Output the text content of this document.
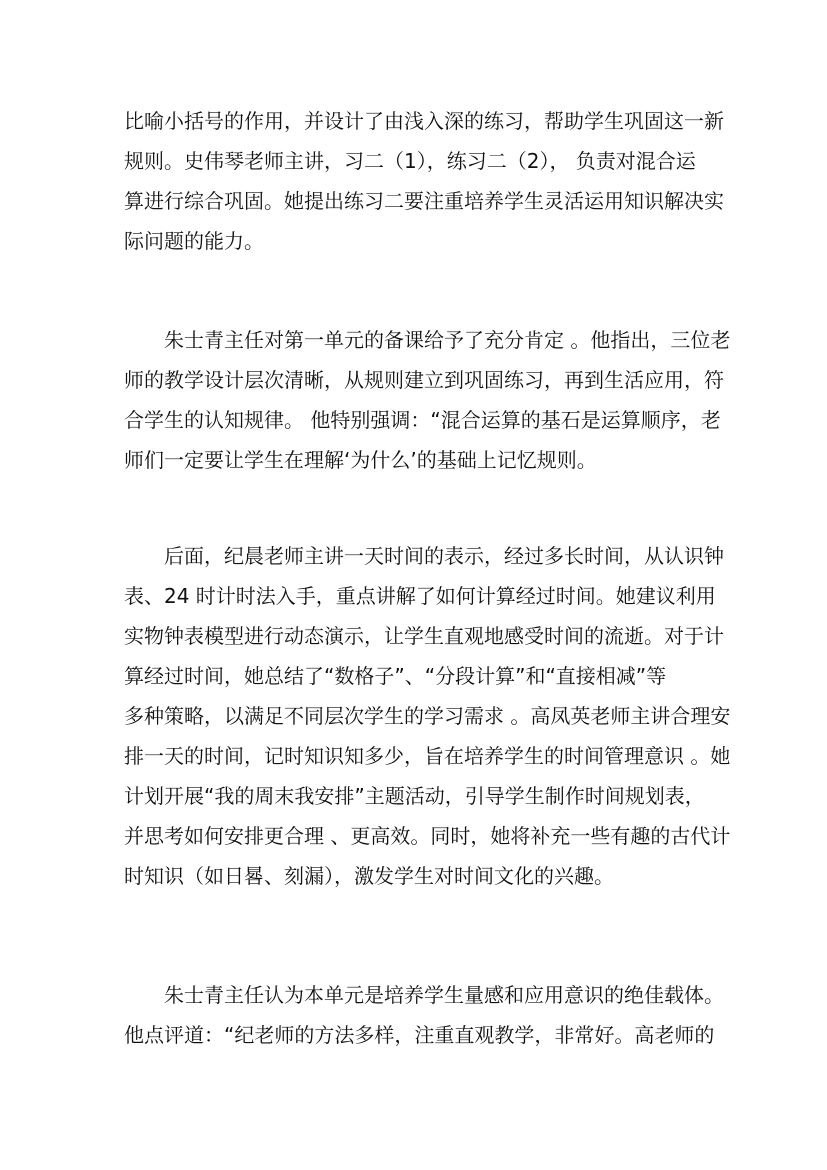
比喻小括号的作用，并设计了由浅入深的练习，帮助学生巩固这一新
规则。史伟琴老师主讲，习二（1），练习二（2）， 负责对混合运
算进行综合巩固。她提出练习二要注重培养学生灵活运用知识解决实
际问题的能力。
朱士青主任对第一单元的备课给予了充分肯定 。他指出，三位老
师的教学设计层次清晰，从规则建立到巩固练习，再到生活应用，符
合学生的认知规律。 他特别强调：“混合运算的基石是运算顺序，老
师们一定要让学生在理解‘为什么’的基础上记忆规则。
后面，纪晨老师主讲一天时间的表示，经过多长时间，从认识钟
表、24 时计时法入手，重点讲解了如何计算经过时间。她建议利用
实物钟表模型进行动态演示，让学生直观地感受时间的流逝。对于计
算经过时间，她总结了“数格子”、“分段计算”和“直接相减”等
多种策略，以满足不同层次学生的学习需求 。高凤英老师主讲合理安
排一天的时间，记时知识知多少，旨在培养学生的时间管理意识 。她
计划开展“我的周末我安排”主题活动，引导学生制作时间规划表，
并思考如何安排更合理 、更高效。同时，她将补充一些有趣的古代计
时知识（如日晷、刻漏），激发学生对时间文化的兴趣。
朱士青主任认为本单元是培养学生量感和应用意识的绝佳载体。
他点评道：“纪老师的方法多样，注重直观教学，非常好。高老师的
